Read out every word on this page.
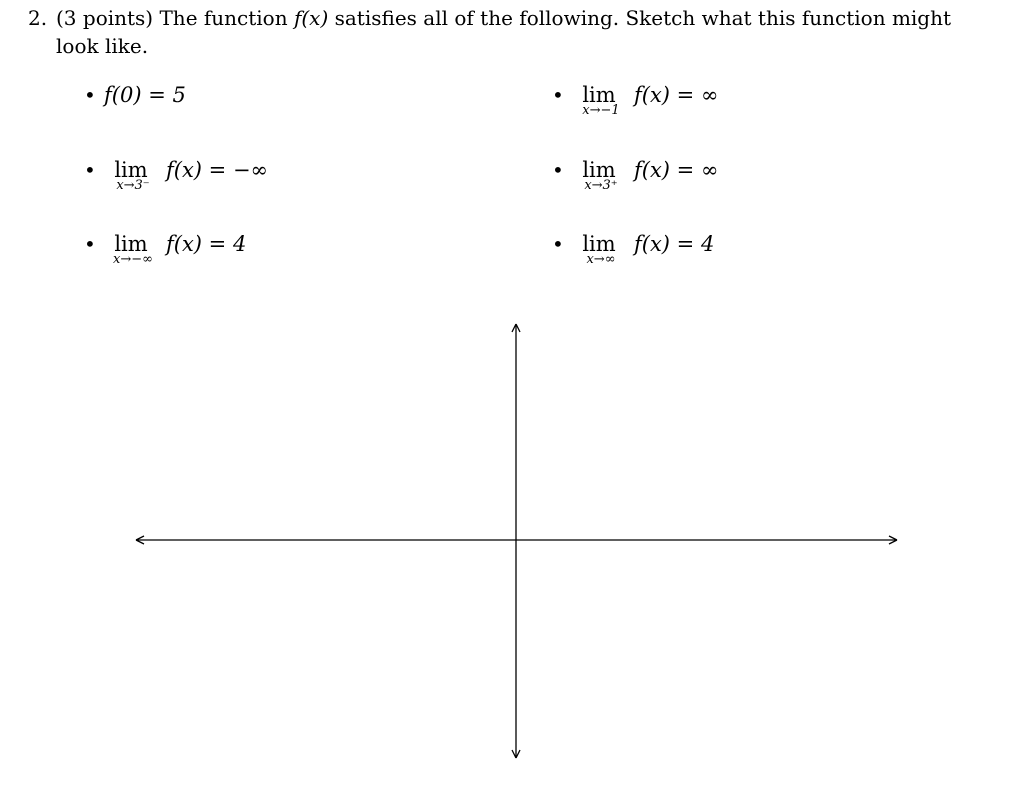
2. (3 points) The function f(x) satisfies all of the following. Sketch what this function might look like.
• f(0) = 5	• lim
x→−1
f(x) = ∞
• lim
x→3⁻
f(x) = −∞	• lim
x→3⁺
f(x) = ∞
• lim
x→−∞
f(x) = 4	• lim
x→∞
f(x) = 4
